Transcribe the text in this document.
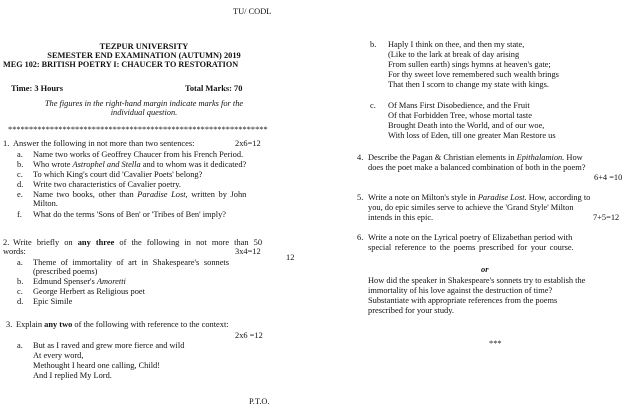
TU/ CODL
TEZPUR UNIVERSITY
SEMESTER END EXAMINATION (AUTUMN) 2019
MEG 102: BRITISH POETRY I: CHAUCER TO RESTORATION
Time: 3 Hours	Total Marks: 70
The figures in the right-hand margin indicate marks for the
individual question.
**************************************************************
1. Answer the following in not more than two sentences:	2x6=12
a. Name two works of Geoffrey Chaucer from his French Period.
b. Who wrote Astrophel and Stella and to whom was it dedicated?
c. To which King's court did 'Cavalier Poets' belong?
d. Write two characteristics of Cavalier poetry.
e. Name two books, other than Paradise Lost, written by John
Milton.
f. What do the terms 'Sons of Ben' or 'Tribes of Ben' imply?
2. Write briefly on any three of the following in not more than 50
words:	3x4=12
a. Theme of immortality of art in Shakespeare's sonnets
(prescribed poems)
b. Edmund Spenser's Amoretti
c. George Herbert as Religious poet
d. Epic Simile
3. Explain any two of the following with reference to the context:
2x6 =12
a. But as I raved and grew more fierce and wild
At every word,
Methought I heard one calling, Child!
And I replied My Lord.
P.T.O.
b. Haply I think on thee, and then my state,
(Like to the lark at break of day arising
From sullen earth) sings hymns at heaven's gate;
For thy sweet love remembered such wealth brings
That then I scorn to change my state with kings.
c. Of Mans First Disobedience, and the Fruit
Of that Forbidden Tree, whose mortal taste
Brought Death into the World, and of our woe,
With loss of Eden, till one greater Man Restore us
4. Describe the Pagan & Christian elements in Epithalamion. How
does the poet make a balanced combination of both in the poem?
6+4 =10
5. Write a note on Milton's style in Paradise Lost. How, according to
you, do epic similes serve to achieve the 'Grand Style' Milton
intends in this epic.	7+5=12
6. Write a note on the Lyrical poetry of Elizabethan period with
special reference to the poems prescribed for your course.
12
or
How did the speaker in Shakespeare's sonnets try to establish the
immortality of his love against the destruction of time?
Substantiate with appropriate references from the poems
prescribed for your study.
***
